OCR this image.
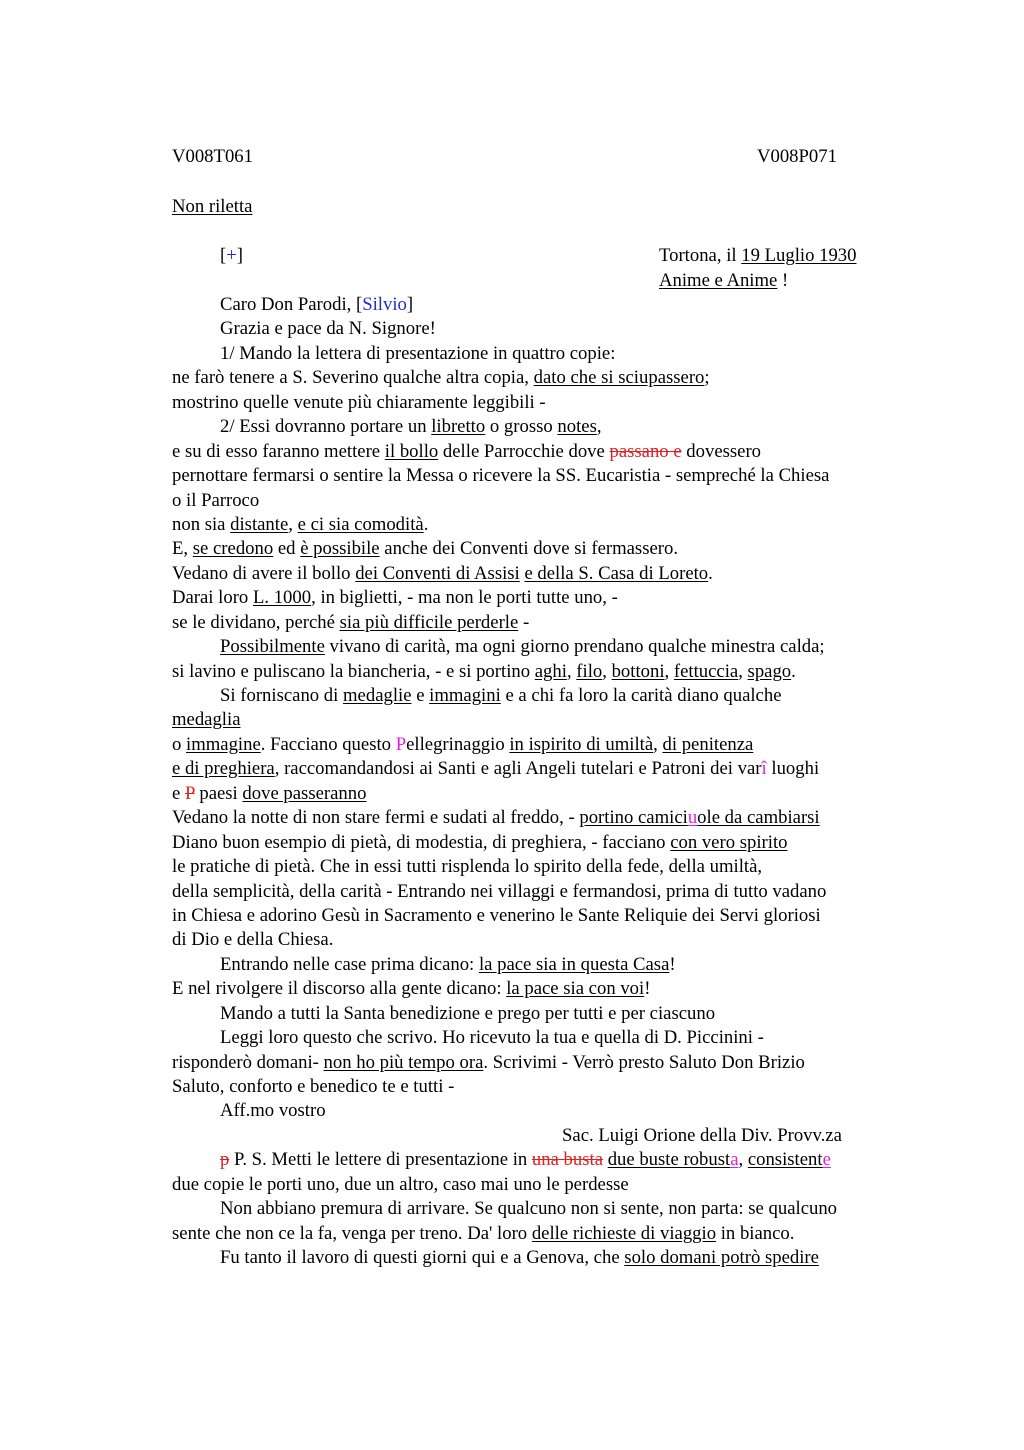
V008T061	V008P071
Non riletta
[+]	Tortona, il 19 Luglio 1930
Anime e Anime !
Caro Don Parodi, [Silvio]
Grazia e pace da N. Signore!
1/ Mando la lettera di presentazione in quattro copie:
ne farò tenere a S. Severino qualche altra copia, dato che si sciupassero;
mostrino quelle venute più chiaramente leggibili -
2/ Essi dovranno portare un libretto o grosso notes,
e su di esso faranno mettere il bollo delle Parrocchie dove passano e dovessero
pernottare fermarsi o sentire la Messa o ricevere la SS. Eucaristia - sempreché la Chiesa
o il Parroco
non sia distante, e ci sia comodità.
E, se credono ed è possibile anche dei Conventi dove si fermassero.
Vedano di avere il bollo dei Conventi di Assisi e della S. Casa di Loreto.
Darai loro L. 1000, in biglietti, - ma non le porti tutte uno, -
se le dividano, perché sia più difficile perderle -
Possibilmente vivano di carità, ma ogni giorno prendano qualche minestra calda;
si lavino e puliscano la biancheria, - e si portino aghi, filo, bottoni, fettuccia, spago.
Si forniscano di medaglie e immagini e a chi fa loro la carità diano qualche
medaglia
o immagine. Facciano questo Pellegrinaggio in ispirito di umiltà, di penitenza
e di preghiera, raccomandandosi ai Santi e agli Angeli tutelari e Patroni dei varî luoghi
e P paesi dove passeranno
Vedano la notte di non stare fermi e sudati al freddo, - portino camiciuole da cambiarsi
Diano buon esempio di pietà, di modestia, di preghiera, - facciano con vero spirito
le pratiche di pietà. Che in essi tutti risplenda lo spirito della fede, della umiltà,
della semplicità, della carità - Entrando nei villaggi e fermandosi, prima di tutto vadano
in Chiesa e adorino Gesù in Sacramento e venerino le Sante Reliquie dei Servi gloriosi
di Dio e della Chiesa.
Entrando nelle case prima dicano: la pace sia in questa Casa!
E nel rivolgere il discorso alla gente dicano: la pace sia con voi!
Mando a tutti la Santa benedizione e prego per tutti e per ciascuno
Leggi loro questo che scrivo. Ho ricevuto la tua e quella di D. Piccinini -
risponderò domani- non ho più tempo ora. Scrivimi - Verrò presto Saluto Don Brizio
Saluto, conforto e benedico te e tutti -
Aff.mo vostro
Sac. Luigi Orione della Div. Provv.za
p P. S. Metti le lettere di presentazione in una busta due buste robusta, consistente
due copie le porti uno, due un altro, caso mai uno le perdesse
Non abbiano premura di arrivare. Se qualcuno non si sente, non parta: se qualcuno
sente che non ce la fa, venga per treno. Da' loro delle richieste di viaggio in bianco.
Fu tanto il lavoro di questi giorni qui e a Genova, che solo domani potrò spedire
